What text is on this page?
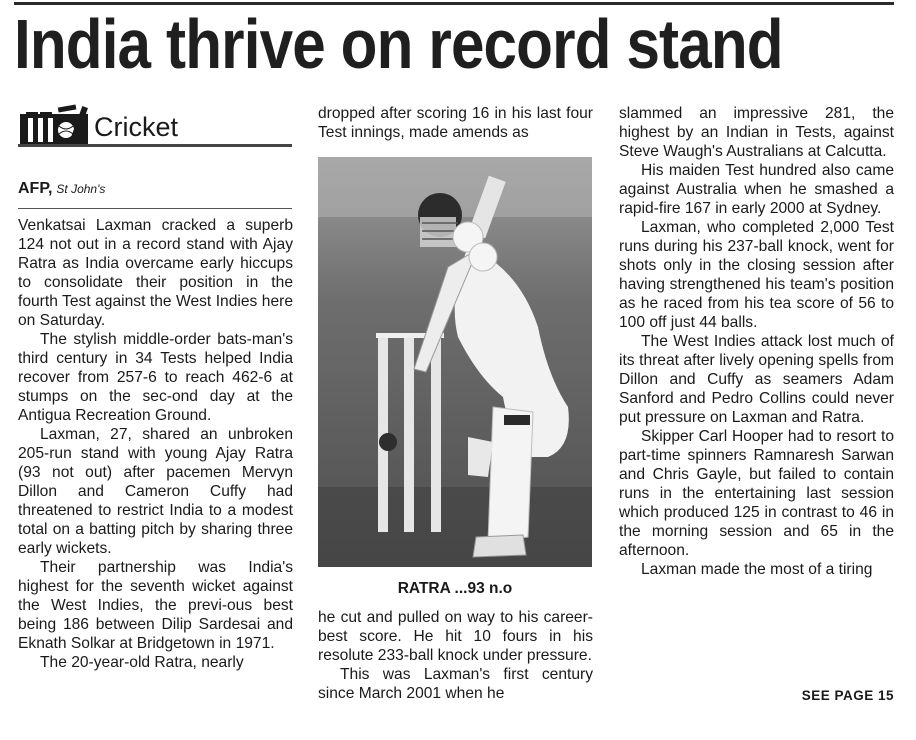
India thrive on record stand
Cricket
AFP, St John's

Venkatsai Laxman cracked a superb 124 not out in a record stand with Ajay Ratra as India overcame early hiccups to consolidate their position in the fourth Test against the West Indies here on Saturday.

The stylish middle-order bats-man's third century in 34 Tests helped India recover from 257-6 to reach 462-6 at stumps on the sec-ond day at the Antigua Recreation Ground.

Laxman, 27, shared an unbroken 205-run stand with young Ajay Ratra (93 not out) after pacemen Mervyn Dillon and Cameron Cuffy had threatened to restrict India to a modest total on a batting pitch by sharing three early wickets.

Their partnership was India's highest for the seventh wicket against the West Indies, the previ-ous best being 186 between Dilip Sardesai and Eknath Solkar at Bridgetown in 1971.

The 20-year-old Ratra, nearly

dropped after scoring 16 in his last four Test innings, made amends as

RATRA ...93 n.o

he cut and pulled on way to his career-best score. He hit 10 fours in his resolute 233-ball knock under pressure.

This was Laxman's first century since March 2001 when he

slammed an impressive 281, the highest by an Indian in Tests, against Steve Waugh's Australians at Calcutta.

His maiden Test hundred also came against Australia when he smashed a rapid-fire 167 in early 2000 at Sydney.

Laxman, who completed 2,000 Test runs during his 237-ball knock, went for shots only in the closing session after having strengthened his team's position as he raced from his tea score of 56 to 100 off just 44 balls.

The West Indies attack lost much of its threat after lively opening spells from Dillon and Cuffy as seamers Adam Sanford and Pedro Collins could never put pressure on Laxman and Ratra.

Skipper Carl Hooper had to resort to part-time spinners Ramnaresh Sarwan and Chris Gayle, but failed to contain runs in the entertaining last session which produced 125 in contrast to 46 in the morning session and 65 in the afternoon.

Laxman made the most of a tiring

SEE PAGE 15
